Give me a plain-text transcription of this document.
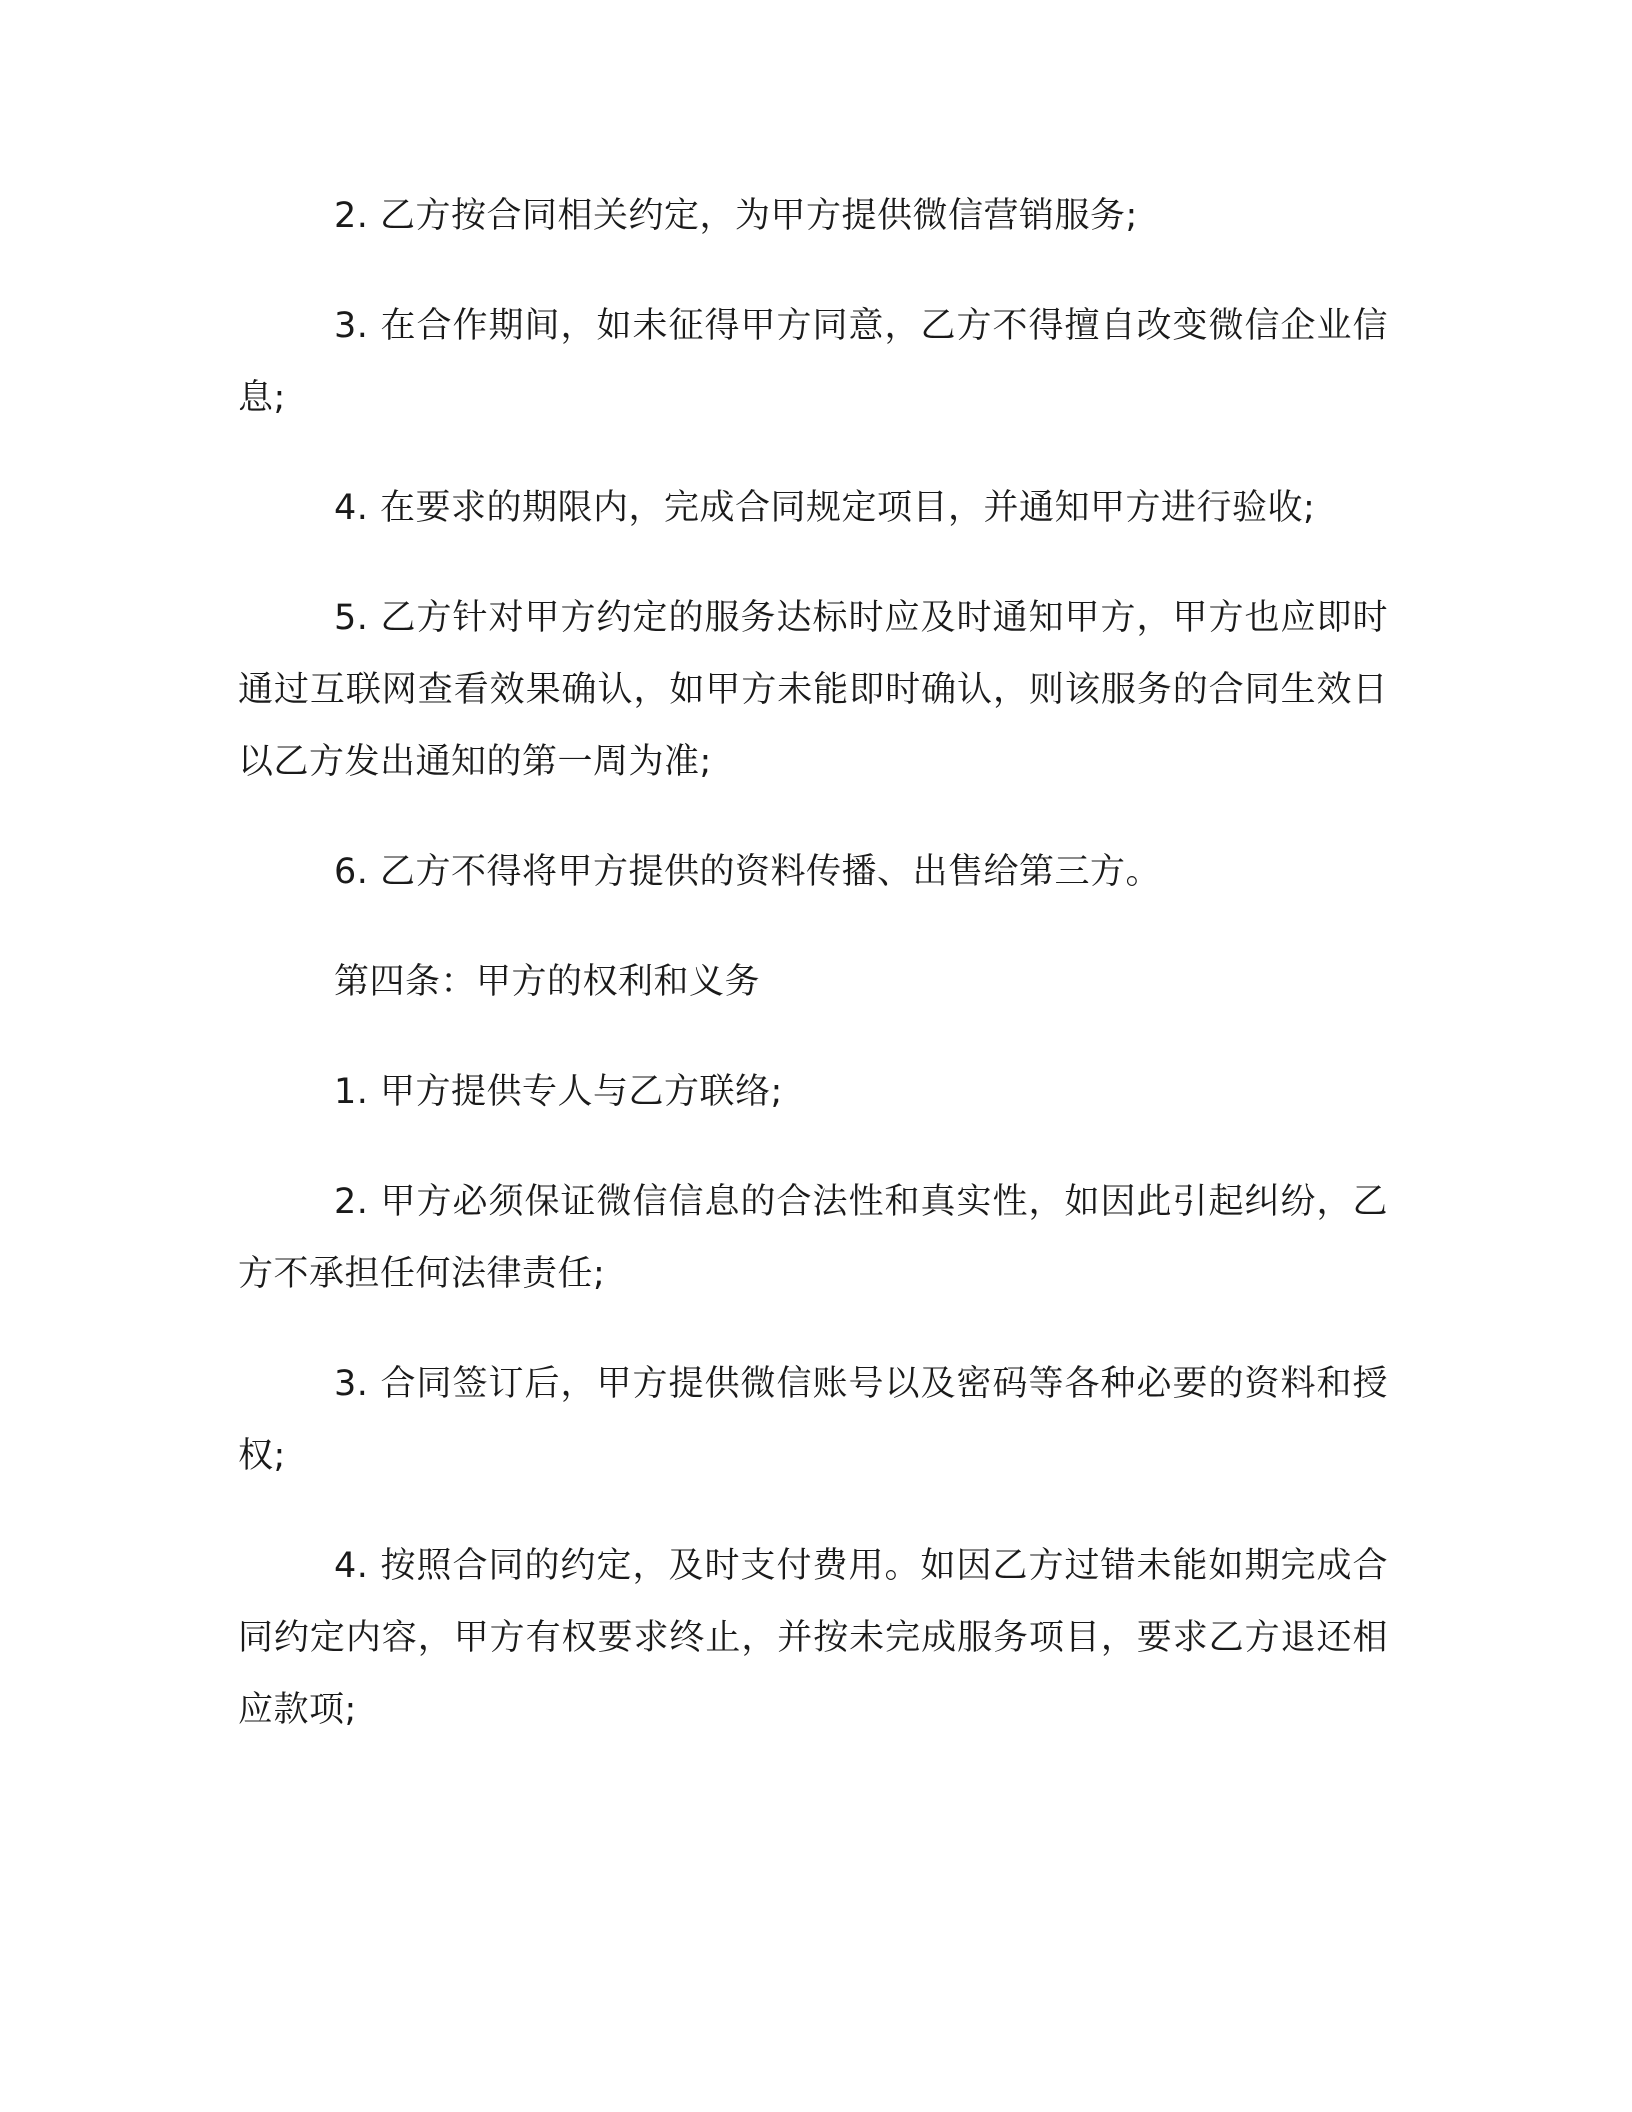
2. 乙方按合同相关约定，为甲方提供微信营销服务;

3. 在合作期间，如未征得甲方同意，乙方不得擅自改变微信企业信息;

4. 在要求的期限内，完成合同规定项目，并通知甲方进行验收;

5. 乙方针对甲方约定的服务达标时应及时通知甲方，甲方也应即时通过互联网查看效果确认，如甲方未能即时确认，则该服务的合同生效日以乙方发出通知的第一周为准;

6. 乙方不得将甲方提供的资料传播、出售给第三方。

第四条：甲方的权利和义务

1. 甲方提供专人与乙方联络;

2. 甲方必须保证微信信息的合法性和真实性，如因此引起纠纷，乙方不承担任何法律责任;

3. 合同签订后，甲方提供微信账号以及密码等各种必要的资料和授权;

4. 按照合同的约定，及时支付费用。如因乙方过错未能如期完成合同约定内容，甲方有权要求终止，并按未完成服务项目，要求乙方退还相应款项;
